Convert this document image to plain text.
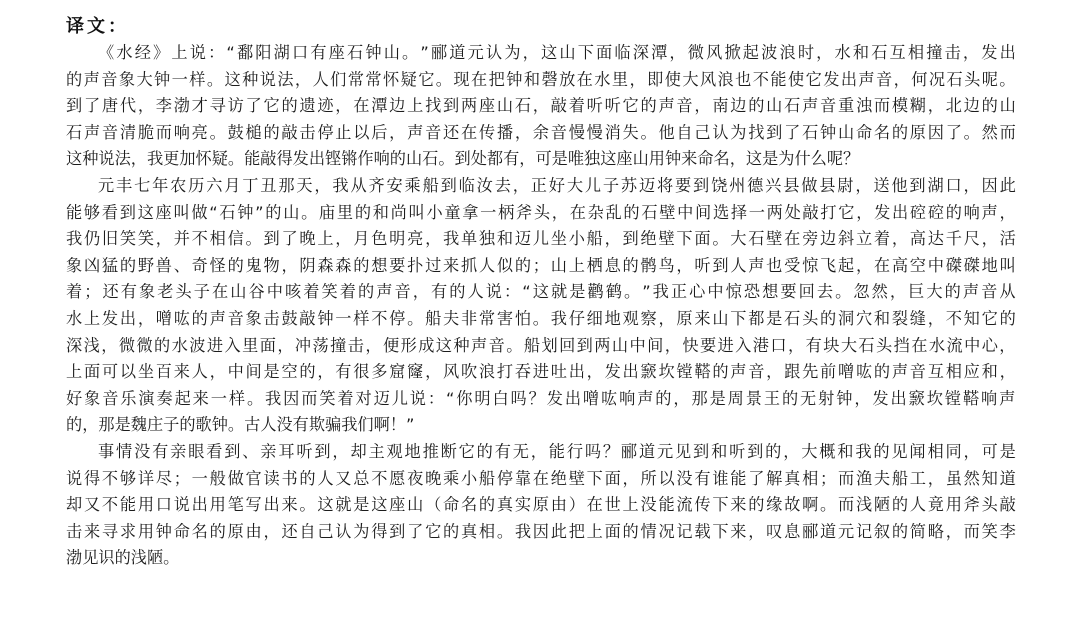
译文：
《 水 经 》 上 说 ： “ 鄱 阳 湖 口 有 座 石 钟 山 。 ” 郦 道 元 认 为 ， 这 山 下 面 临 深 潭 ， 微 风 掀 起 波 浪 时 ， 水 和 石 互 相 撞 击 ， 发 出
的 声 音 象 大 钟 一 样 。 这 种 说 法 ， 人 们 常 常 怀 疑 它 。 现 在 把 钟 和 磬 放 在 水 里 ， 即 使 大 风 浪 也 不 能 使 它 发 出 声 音 ， 何 况 石 头 呢 。
到 了 唐 代 ， 李 渤 才 寻 访 了 它 的 遗 迹 ， 在 潭 边 上 找 到 两 座 山 石 ， 敲 着 听 听 它 的 声 音 ， 南 边 的 山 石 声 音 重 浊 而 模 糊 ， 北 边 的 山
石 声 音 清 脆 而 响 亮 。 鼓 槌 的 敲 击 停 止 以 后 ， 声 音 还 在 传 播 ， 余 音 慢 慢 消 失 。 他 自 己 认 为 找 到 了 石 钟 山 命 名 的 原 因 了 。 然 而
这 种 说 法 ， 我 更 加 怀 疑 。 能 敲 得 发 出 铿 锵 作 响 的 山 石 。 到 处 都 有 ， 可 是 唯 独 这 座 山 用 钟 来 命 名 ， 这 是 为 什 么 呢 ？
元 丰 七 年 农 历 六 月 丁 丑 那 天 ， 我 从 齐 安 乘 船 到 临 汝 去 ， 正 好 大 儿 子 苏 迈 将 要 到 饶 州 德 兴 县 做 县 尉 ， 送 他 到 湖 口 ， 因 此
能 够 看 到 这 座 叫 做 “ 石 钟 ” 的 山 。 庙 里 的 和 尚 叫 小 童 拿 一 柄 斧 头 ， 在 杂 乱 的 石 壁 中 间 选 择 一 两 处 敲 打 它 ， 发 出 硿 硿 的 响 声 ，
我 仍 旧 笑 笑 ， 并 不 相 信 。 到 了 晚 上 ， 月 色 明 亮 ， 我 单 独 和 迈 儿 坐 小 船 ， 到 绝 壁 下 面 。 大 石 壁 在 旁 边 斜 立 着 ， 高 达 千 尺 ， 活
象 凶 猛 的 野 兽 、 奇 怪 的 鬼 物 ， 阴 森 森 的 想 要 扑 过 来 抓 人 似 的 ； 山 上 栖 息 的 鹘 鸟 ， 听 到 人 声 也 受 惊 飞 起 ， 在 高 空 中 磔 磔 地 叫
着 ； 还 有 象 老 头 子 在 山 谷 中 咳 着 笑 着 的 声 音 ， 有 的 人 说 ： “ 这 就 是 鹳 鹤 。 ” 我 正 心 中 惊 恐 想 要 回 去 。 忽 然 ， 巨 大 的 声 音 从
水 上 发 出 ， 噌 吰 的 声 音 象 击 鼓 敲 钟 一 样 不 停 。 船 夫 非 常 害 怕 。 我 仔 细 地 观 察 ， 原 来 山 下 都 是 石 头 的 洞 穴 和 裂 缝 ， 不 知 它 的
深 浅 ， 微 微 的 水 波 进 入 里 面 ， 冲 荡 撞 击 ， 便 形 成 这 种 声 音 。 船 划 回 到 两 山 中 间 ， 快 要 进 入 港 口 ， 有 块 大 石 头 挡 在 水 流 中 心 ，
上 面 可 以 坐 百 来 人 ， 中 间 是 空 的 ， 有 很 多 窟 窿 ， 风 吹 浪 打 吞 进 吐 出 ， 发 出 窾 坎 镗 鞳 的 声 音 ， 跟 先 前 噌 吰 的 声 音 互 相 应 和 ，
好 象 音 乐 演 奏 起 来 一 样 。 我 因 而 笑 着 对 迈 儿 说 ： “ 你 明 白 吗 ？ 发 出 噌 吰 响 声 的 ， 那 是 周 景 王 的 无 射 钟 ， 发 出 窾 坎 镗 鞳 响 声
的 ， 那 是 魏 庄 子 的 歌 钟 。 古 人 没 有 欺 骗 我 们 啊 ！ ”
事 情 没 有 亲 眼 看 到 、 亲 耳 听 到 ， 却 主 观 地 推 断 它 的 有 无 ， 能 行 吗 ？ 郦 道 元 见 到 和 听 到 的 ， 大 概 和 我 的 见 闻 相 同 ， 可 是
说 得 不 够 详 尽 ； 一 般 做 官 读 书 的 人 又 总 不 愿 夜 晚 乘 小 船 停 靠 在 绝 壁 下 面 ， 所 以 没 有 谁 能 了 解 真 相 ； 而 渔 夫 船 工 ， 虽 然 知 道
却 又 不 能 用 口 说 出 用 笔 写 出 来 。 这 就 是 这 座 山 （ 命 名 的 真 实 原 由 ） 在 世 上 没 能 流 传 下 来 的 缘 故 啊 。 而 浅 陋 的 人 竟 用 斧 头 敲
击 来 寻 求 用 钟 命 名 的 原 由 ， 还 自 己 认 为 得 到 了 它 的 真 相 。 我 因 此 把 上 面 的 情 况 记 载 下 来 ， 叹 息 郦 道 元 记 叙 的 简 略 ， 而 笑 李
渤 见 识 的 浅 陋 。
